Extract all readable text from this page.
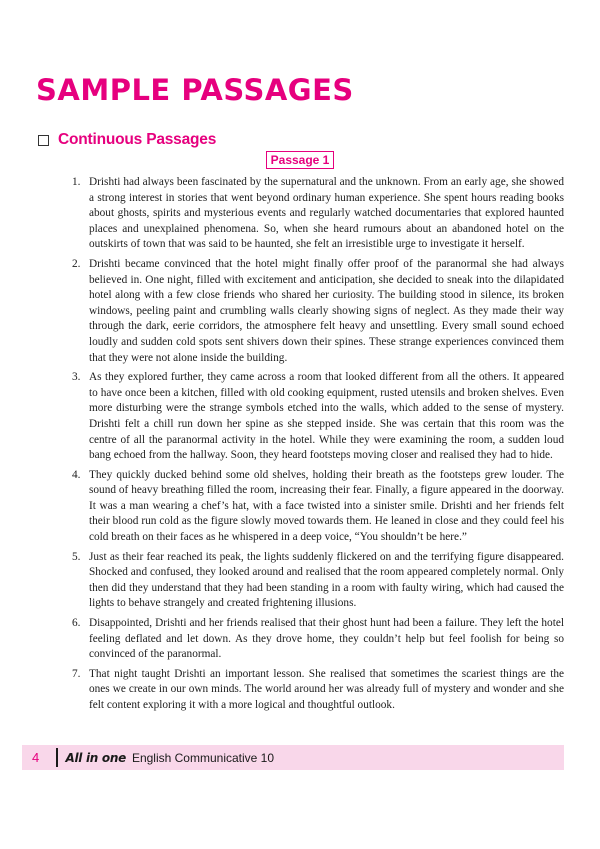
SAMPLE PASSAGES
Continuous Passages
Passage 1
1. Drishti had always been fascinated by the supernatural and the unknown. From an early age, she showed a strong interest in stories that went beyond ordinary human experience. She spent hours reading books about ghosts, spirits and mysterious events and regularly watched documentaries that explored haunted places and unexplained phenomena. So, when she heard rumours about an abandoned hotel on the outskirts of town that was said to be haunted, she felt an irresistible urge to investigate it herself.
2. Drishti became convinced that the hotel might finally offer proof of the paranormal she had always believed in. One night, filled with excitement and anticipation, she decided to sneak into the dilapidated hotel along with a few close friends who shared her curiosity. The building stood in silence, its broken windows, peeling paint and crumbling walls clearly showing signs of neglect. As they made their way through the dark, eerie corridors, the atmosphere felt heavy and unsettling. Every small sound echoed loudly and sudden cold spots sent shivers down their spines. These strange experiences convinced them that they were not alone inside the building.
3. As they explored further, they came across a room that looked different from all the others. It appeared to have once been a kitchen, filled with old cooking equipment, rusted utensils and broken shelves. Even more disturbing were the strange symbols etched into the walls, which added to the sense of mystery. Drishti felt a chill run down her spine as she stepped inside. She was certain that this room was the centre of all the paranormal activity in the hotel. While they were examining the room, a sudden loud bang echoed from the hallway. Soon, they heard footsteps moving closer and realised they had to hide.
4. They quickly ducked behind some old shelves, holding their breath as the footsteps grew louder. The sound of heavy breathing filled the room, increasing their fear. Finally, a figure appeared in the doorway. It was a man wearing a chef’s hat, with a face twisted into a sinister smile. Drishti and her friends felt their blood run cold as the figure slowly moved towards them. He leaned in close and they could feel his cold breath on their faces as he whispered in a deep voice, “You shouldn’t be here.”
5. Just as their fear reached its peak, the lights suddenly flickered on and the terrifying figure disappeared. Shocked and confused, they looked around and realised that the room appeared completely normal. Only then did they understand that they had been standing in a room with faulty wiring, which had caused the lights to behave strangely and created frightening illusions.
6. Disappointed, Drishti and her friends realised that their ghost hunt had been a failure. They left the hotel feeling deflated and let down. As they drove home, they couldn’t help but feel foolish for being so convinced of the paranormal.
7. That night taught Drishti an important lesson. She realised that sometimes the scariest things are the ones we create in our own minds. The world around her was already full of mystery and wonder and she felt content exploring it with a more logical and thoughtful outlook.
4	All in one English Communicative 10
